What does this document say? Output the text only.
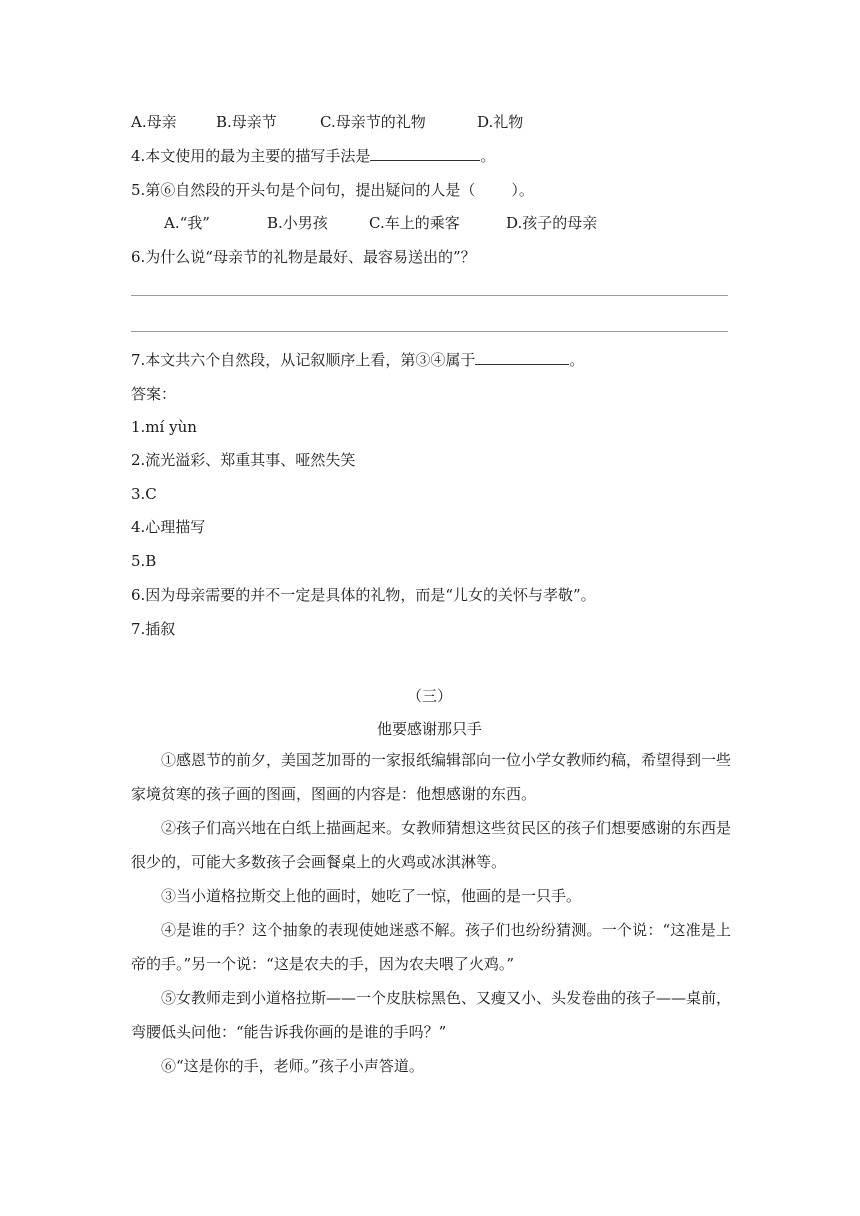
A.母亲	B.母亲节	C.母亲节的礼物	D.礼物
4.本文使用的最为主要的描写手法是	。
5.第⑥自然段的开头句是个问句，提出疑问的人是（ ）。
A.“我”	B.小男孩	C.车上的乘客	D.孩子的母亲
6.为什么说“母亲节的礼物是最好、最容易送出的”？
7.本文共六个自然段，从记叙顺序上看，第③④属于	。
答案：
1.mí yùn
2.流光溢彩、郑重其事、哑然失笑
3.C
4.心理描写
5.B
6.因为母亲需要的并不一定是具体的礼物，而是“儿女的关怀与孝敬”。
7.插叙
（三）
他要感谢那只手

①感恩节的前夕，美国芝加哥的一家报纸编辑部向一位小学女教师约稿，希望得到一些家境贫寒的孩子画的图画，图画的内容是：他想感谢的东西。

②孩子们高兴地在白纸上描画起来。女教师猜想这些贫民区的孩子们想要感谢的东西是很少的，可能大多数孩子会画餐桌上的火鸡或冰淇淋等。

③当小道格拉斯交上他的画时，她吃了一惊，他画的是一只手。

④是谁的手？这个抽象的表现使她迷惑不解。孩子们也纷纷猜测。一个说：“这准是上帝的手。”另一个说：“这是农夫的手，因为农夫喂了火鸡。”

⑤女教师走到小道格拉斯——一个皮肤棕黑色、又瘦又小、头发卷曲的孩子——桌前，弯腰低头问他：“能告诉我你画的是谁的手吗？”

⑥“这是你的手，老师。”孩子小声答道。
